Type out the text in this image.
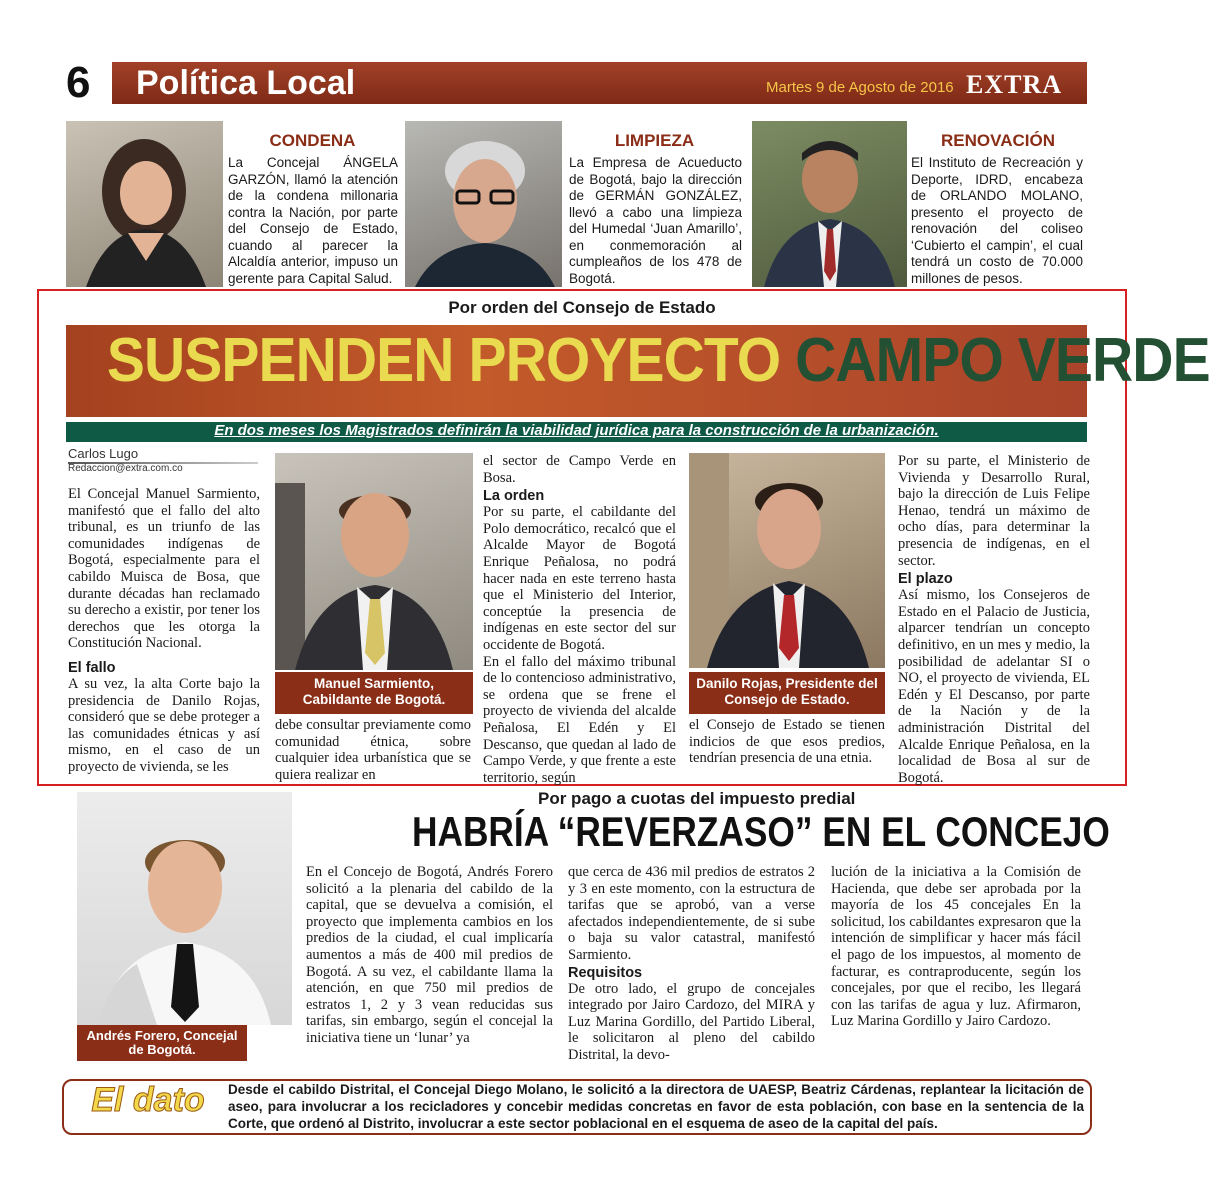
6 Política Local	Martes 9 de Agosto de 2016 EXTRA
CONDENA
La Concejal ÁNGELA GARZÓN, llamó la atención de la condena millonaria contra la Nación, por parte del Consejo de Estado, cuando al parecer la Alcaldía anterior, impuso un gerente para Capital Salud.
LIMPIEZA
La Empresa de Acueducto de Bogotá, bajo la dirección de GERMÁN GONZÁLEZ, llevó a cabo una limpieza del Humedal ‘Juan Amarillo’, en conmemoración al cumpleaños de los 478 de Bogotá.
RENOVACIÓN
El Instituto de Recreación y Deporte, IDRD, encabeza de ORLANDO MOLANO, presento el proyecto de renovación del coliseo ‘Cubierto el campin’, el cual tendrá un costo de 70.000 millones de pesos.
Por orden del Consejo de Estado
SUSPENDEN PROYECTO CAMPO VERDE
En dos meses los Magistrados definirán la viabilidad jurídica para la construcción de la urbanización.
Carlos Lugo
Redaccion@extra.com.co

El Concejal Manuel Sarmiento, manifestó que el fallo del alto tribunal, es un triunfo de las comunidades indígenas de Bogotá, especialmente para el cabildo Muisca de Bosa, que durante décadas han reclamado su derecho a existir, por tener los derechos que les otorga la Constitución Nacional.

El fallo

A su vez, la alta Corte bajo la presidencia de Danilo Rojas, consideró que se debe proteger a las comunidades étnicas y así mismo, en el caso de un proyecto de vivienda, se les

Manuel Sarmiento, Cabildante de Bogotá.

debe consultar previamente como comunidad étnica, sobre cualquier idea urbanística que se quiera realizar en

el sector de Campo Verde en Bosa.

La orden

Por su parte, el cabildante del Polo democrático, recalcó que el Alcalde Mayor de Bogotá Enrique Peñalosa, no podrá hacer nada en este terreno hasta que el Ministerio del Interior, conceptúe la presencia de indígenas en este sector del sur occidente de Bogotá.

En el fallo del máximo tribunal de lo contencioso administrativo, se ordena que se frene el proyecto de vivienda del alcalde Peñalosa, El Edén y El Descanso, que quedan al lado de Campo Verde, y que frente a este territorio, según

Danilo Rojas, Presidente del Consejo de Estado.

el Consejo de Estado se tienen indicios de que esos predios, tendrían presencia de una etnia.

Por su parte, el Ministerio de Vivienda y Desarrollo Rural, bajo la dirección de Luis Felipe Henao, tendrá un máximo de ocho días, para determinar la presencia de indígenas, en el sector.

El plazo

Así mismo, los Consejeros de Estado en el Palacio de Justicia, alparcer tendrían un concepto definitivo, en un mes y medio, la posibilidad de adelantar SI o NO, el proyecto de vivienda, EL Edén y El Descanso, por parte de la Nación y de la administración Distrital del Alcalde Enrique Peñalosa, en la localidad de Bosa al sur de Bogotá.

Por pago a cuotas del impuesto predial
HABRÍA “REVERZASO” EN EL CONCEJO
Andrés Forero, Concejal de Bogotá.
En el Concejo de Bogotá, Andrés Forero solicitó a la plenaria del cabildo de la capital, que se devuelva a comisión, el proyecto que implementa cambios en los predios de la ciudad, el cual implicaría aumentos a más de 400 mil predios de Bogotá. A su vez, el cabildante llama la atención, en que 750 mil predios de estratos 1, 2 y 3 vean reducidas sus tarifas, sin embargo, según el concejal la iniciativa tiene un ‘lunar’ ya

que cerca de 436 mil predios de estratos 2 y 3 en este momento, con la estructura de tarifas que se aprobó, van a verse afectados independientemente, de si sube o baja su valor catastral, manifestó Sarmiento.

Requisitos

De otro lado, el grupo de concejales integrado por Jairo Cardozo, del MIRA y Luz Marina Gordillo, del Partido Liberal, le solicitaron al pleno del cabildo Distrital, la devo-

lución de la iniciativa a la Comisión de Hacienda, que debe ser aprobada por la mayoría de los 45 concejales En la solicitud, los cabildantes expresaron que la intención de simplificar y hacer más fácil el pago de los impuestos, al momento de facturar, es contraproducente, según los concejales, por que el recibo, les llegará con las tarifas de agua y luz. Afirmaron, Luz Marina Gordillo y Jairo Cardozo.
El dato	Desde el cabildo Distrital, el Concejal Diego Molano, le solicitó a la directora de UAESP, Beatriz Cárdenas, replantear la licitación de aseo, para involucrar a los recicladores y concebir medidas concretas en favor de esta población, con base en la sentencia de la Corte, que ordenó al Distrito, involucrar a este sector poblacional en el esquema de aseo de la capital del país.
